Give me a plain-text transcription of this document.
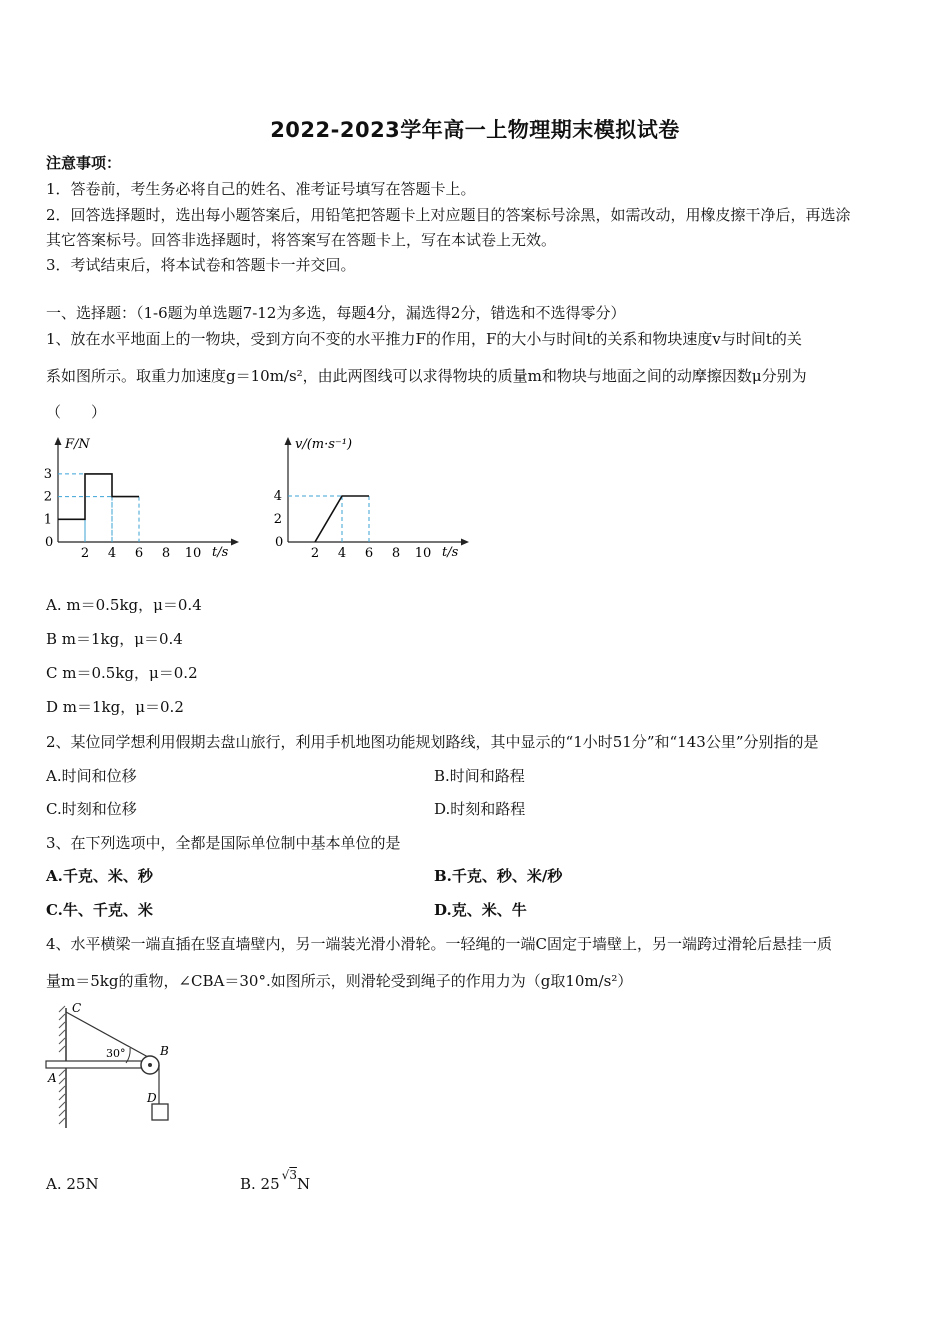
2022-2023学年高一上物理期末模拟试卷
注意事项：
1．答卷前，考生务必将自己的姓名、准考证号填写在答题卡上。
2．回答选择题时，选出每小题答案后，用铅笔把答题卡上对应题目的答案标号涂黑，如需改动，用橡皮擦干净后，再选涂
其它答案标号。回答非选择题时，将答案写在答题卡上，写在本试卷上无效。
3．考试结束后，将本试卷和答题卡一并交回。
一、选择题：（1-6题为单选题7-12为多选，每题4分，漏选得2分，错选和不选得零分）
1、放在水平地面上的一物块，受到方向不变的水平推力F的作用，F的大小与时间t的关系和物块速度v与时间t的关
系如图所示。取重力加速度g＝10m/s²，由此两图线可以求得物块的质量m和物块与地面之间的动摩擦因数μ分别为
（　　）
F/N
t/s
0
2 4 6 8 10
1
2
3
v/(m·s⁻¹)
t/s
0
2 4 6 8 10
2
4
A. m＝0.5kg，μ＝0.4
B m＝1kg，μ＝0.4
C m＝0.5kg，μ＝0.2
D m＝1kg，μ＝0.2
2、某位同学想利用假期去盘山旅行，利用手机地图功能规划路线，其中显示的“1小时51分”和“143公里”分别指的是
A.时间和位移	B.时间和路程
C.时刻和位移	D.时刻和路程
3、在下列选项中，全都是国际单位制中基本单位的是
A.千克、米、秒	B.千克、秒、米/秒
C.牛、千克、米	D.克、米、牛
4、水平横梁一端直插在竖直墙壁内，另一端装光滑小滑轮。一轻绳的一端C固定于墙壁上，另一端跨过滑轮后悬挂一质
量m＝5kg的重物，∠CBA＝30°.如图所示，则滑轮受到绳子的作用力为（g取10m/s²）
C
A
B
D
30°
A. 25N	B. 25 $^{√3}$N
